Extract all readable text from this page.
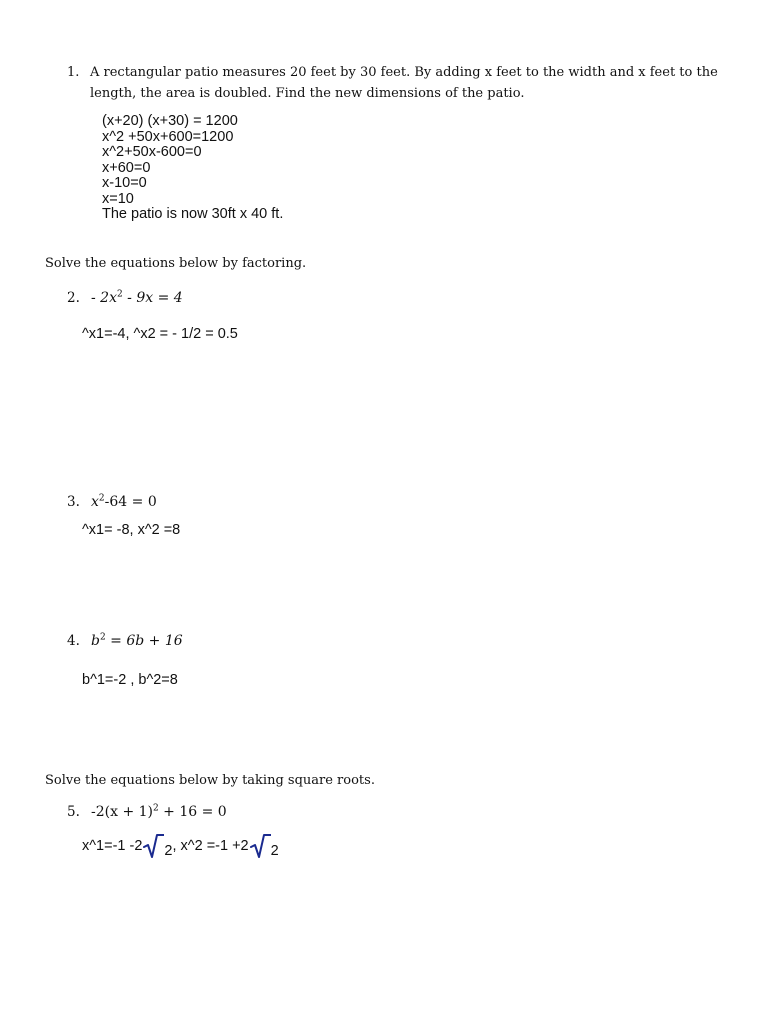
1. A rectangular patio measures 20 feet by 30 feet. By adding x feet to the width and x feet to the
length, the area is doubled. Find the new dimensions of the patio.
(x+20) (x+30) = 1200
x^2 +50x+600=1200
x^2+50x-600=0
x+60=0
x-10=0
x=10
The patio is now 30ft x 40 ft.
Solve the equations below by factoring.
2. - $2x^2 - 9x = 4$
^x1=-4, ^x2 = - 1/2 = 0.5
3. $x^2-64 = 0$
^x1= -8, x^2 =8
4. $b^2 = 6b + 16$
b^1=-2 , b^2=8
Solve the equations below by taking square roots.
5. $-2(x + 1)^2 + 16 = 0$
x^1=-1 -2 2 , x^2 =-1 +2 2
